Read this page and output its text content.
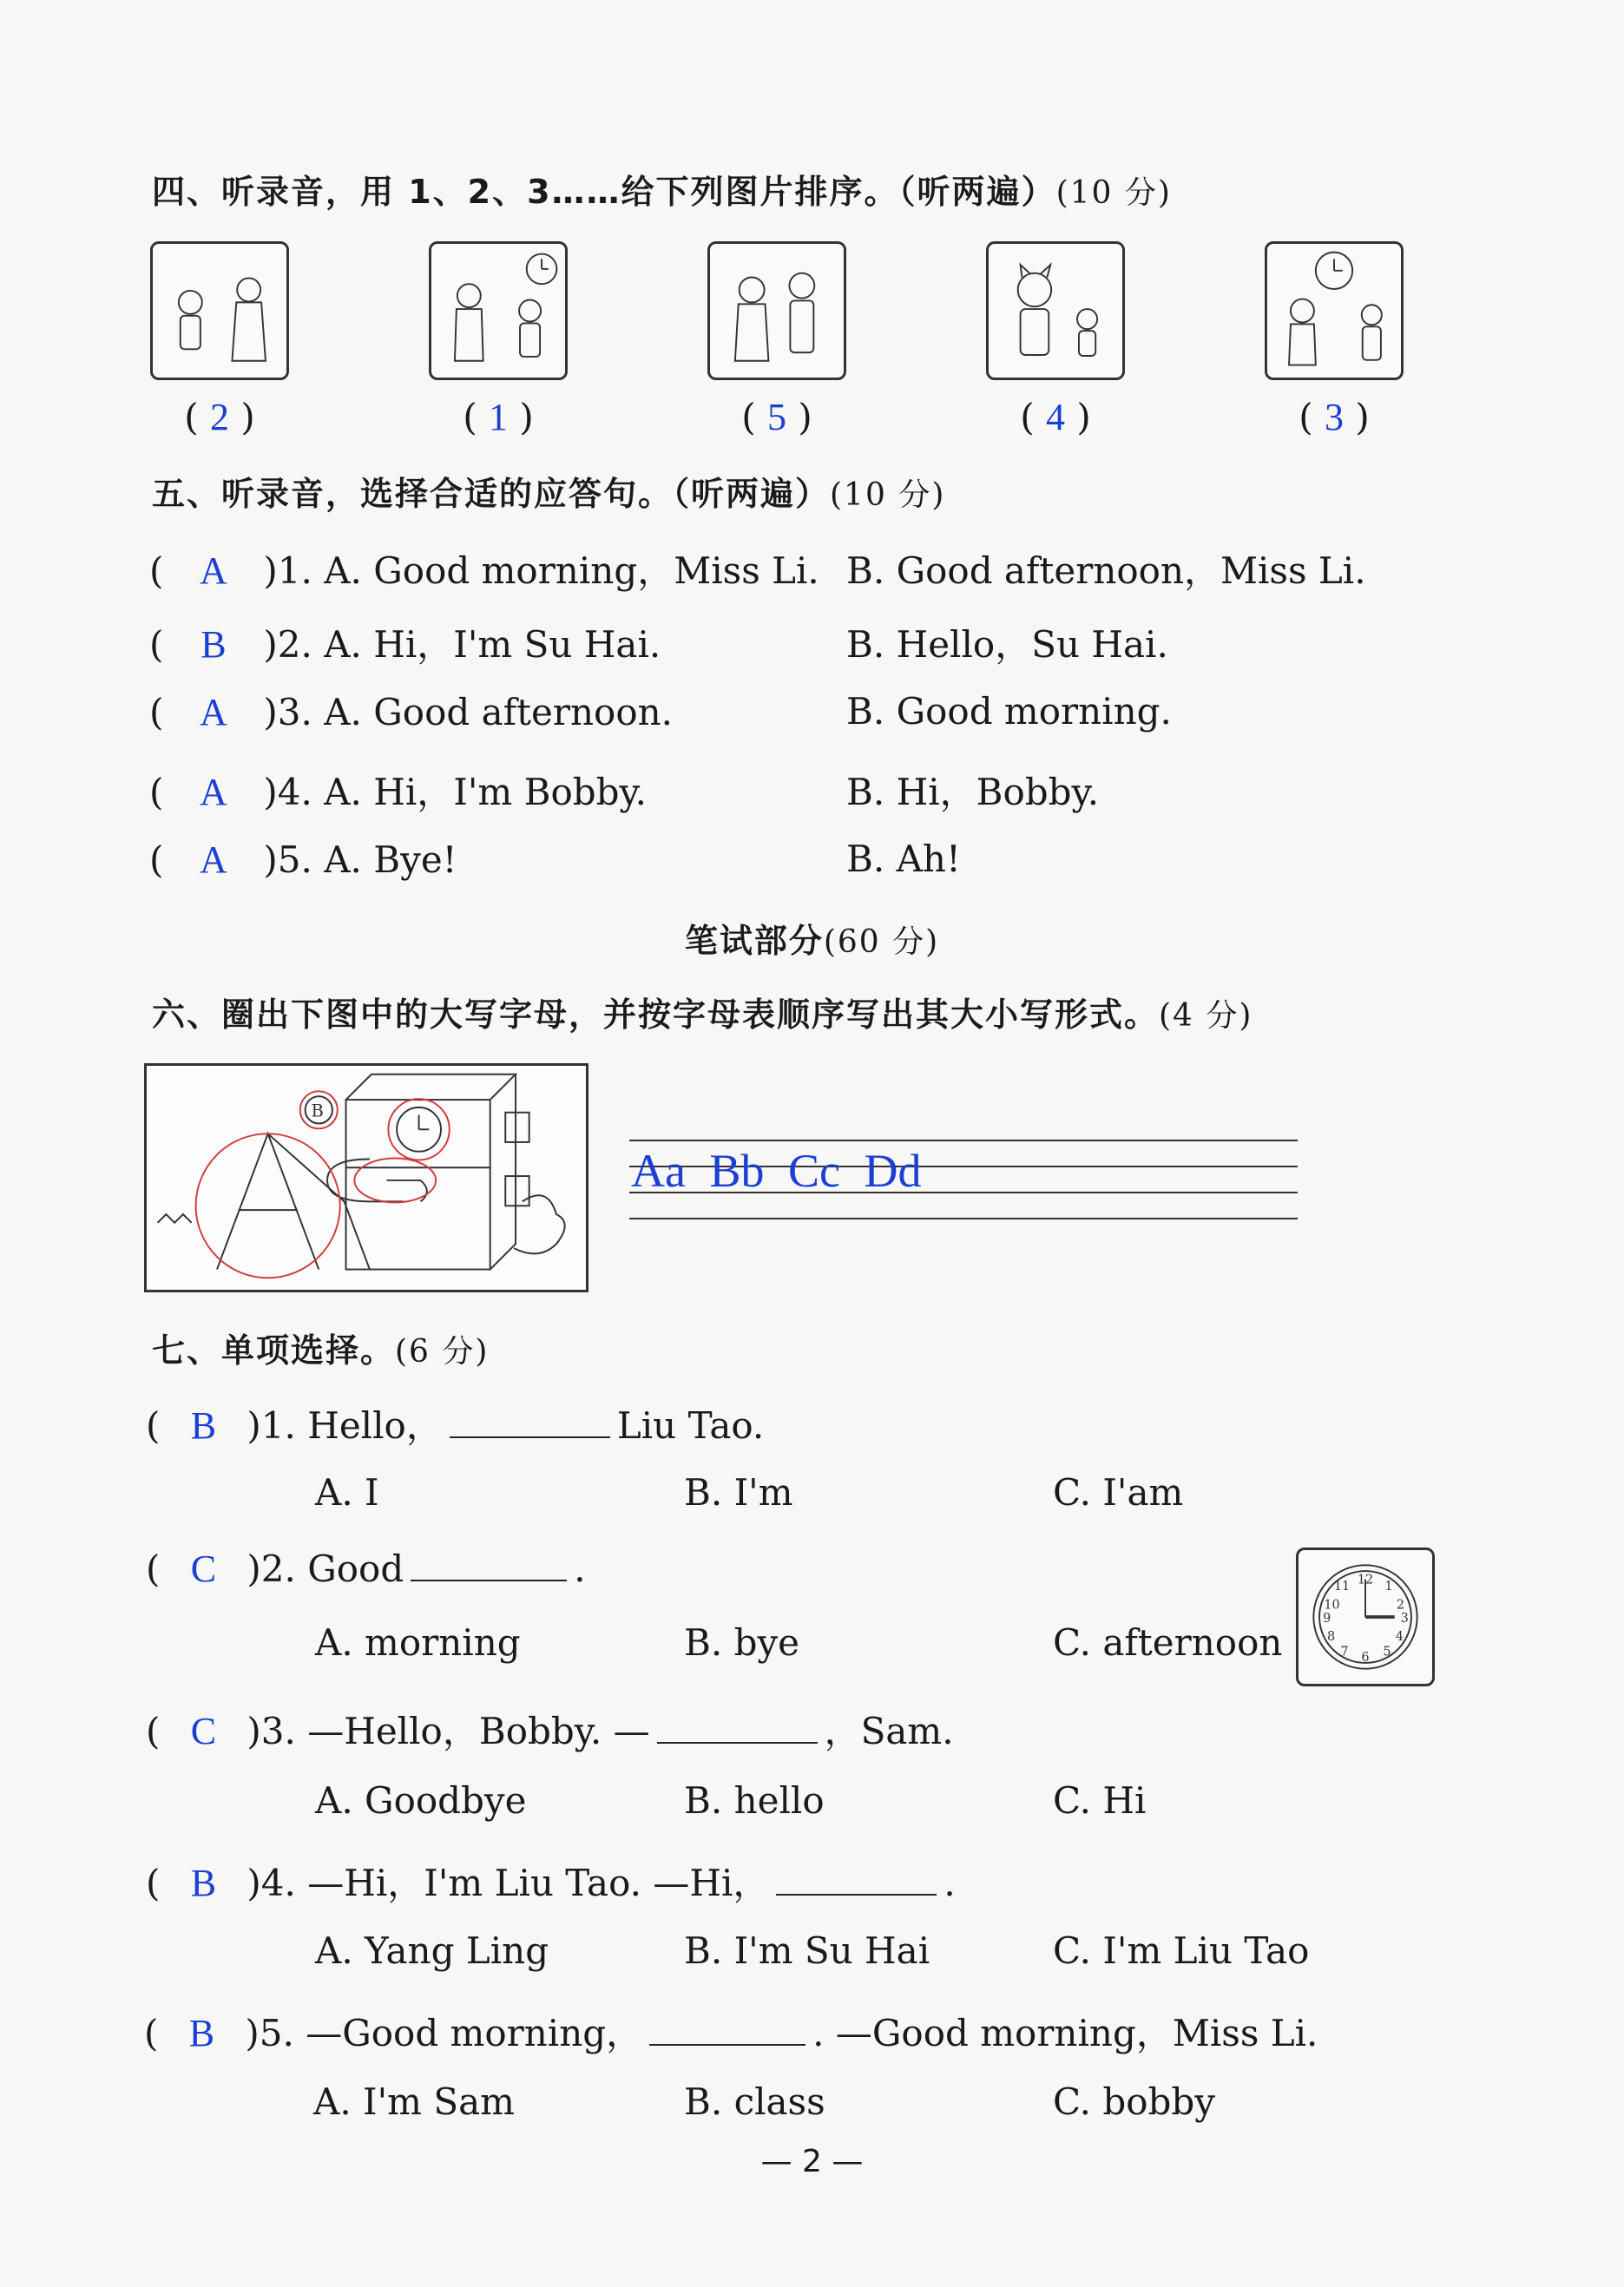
四、听录音，用 1、2、3……给下列图片排序。（听两遍）(10 分)
( 2 )	( 1 )	( 5 )	( 4 )	( 3 )
五、听录音，选择合适的应答句。（听两遍）(10 分)
( A )1. A. Good morning，Miss Li. B. Good afternoon，Miss Li.
( B	)2. A. Hi，I'm Su Hai.	B. Hello，Su Hai.
( A )3. A. Good afternoon.	B. Good morning.
( A )4. A. Hi，I'm Bobby.	B. Hi，Bobby.
( A )5. A. Bye!	B. Ah!
笔试部分(60 分)
六、圈出下图中的大写字母，并按字母表顺序写出其大小写形式。(4 分)
B
Aa Bb Cc Dd
七、单项选择。(6 分)
( B )1. Hello，	Liu Tao.
A. I	B. I'm	C. I'am
( C )2. Good	.
A. morning	B. bye	C. afternoon
12 1
2
3
4
5
6
7
8
9
10
11
( C )3. —Hello，Bobby. —	，Sam.
A. Goodbye	B. hello	C. Hi
( B )4. —Hi，I'm Liu Tao. —Hi，	.
A. Yang Ling	B. I'm Su Hai	C. I'm Liu Tao
( B )5. —Good morning，	. —Good morning，Miss Li.
A. I'm Sam	B. class	C. bobby
— 2 —
